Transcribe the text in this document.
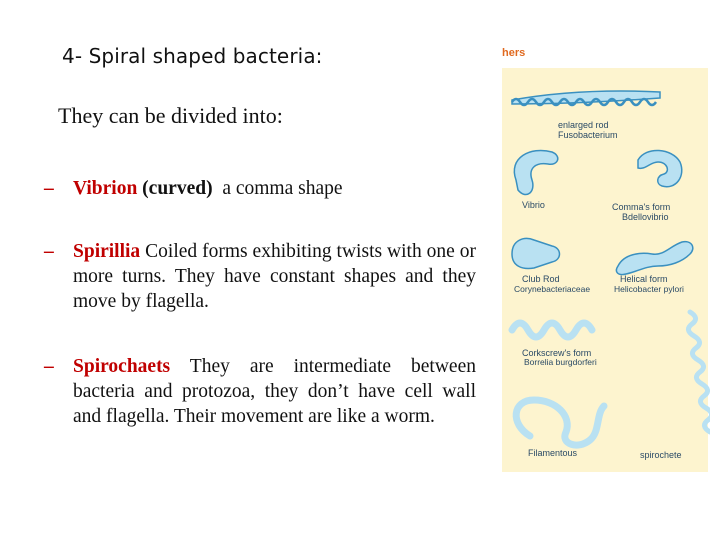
4- Spiral shaped bacteria:
They can be divided into:
– Vibrion (curved) a comma shape
– Spirillia Coiled forms exhibiting twists with one or more turns. They have constant shapes and they move by flagella.
– Spirochaets They are intermediate between bacteria and protozoa, they don’t have cell wall and flagella. Their movement are like a worm.
hers
enlarged rod
Fusobacterium
Vibrio	Comma's form
Bdellovibrio
Club Rod
Corynebacteriaceae
Helical form
Helicobacter pylori
Corkscrew's form
Borrelia burgdorferi
Filamentous	spirochete
